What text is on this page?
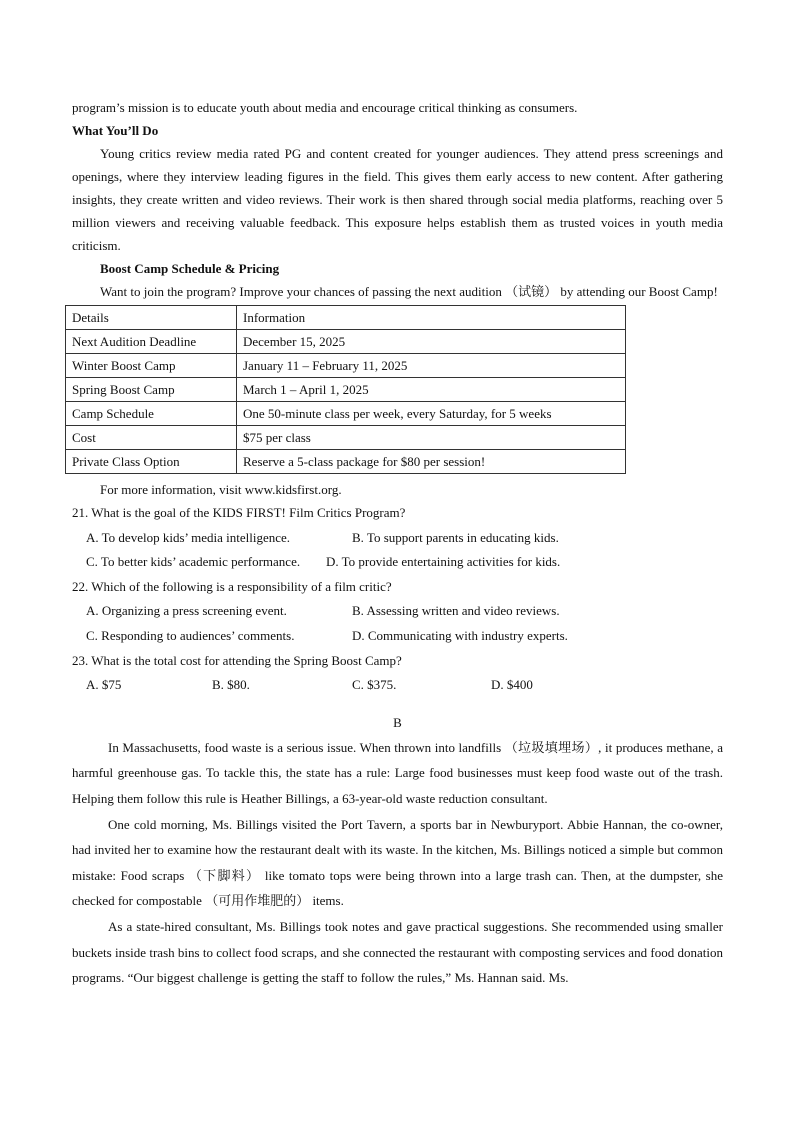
program’s mission is to educate youth about media and encourage critical thinking as consumers.

What You’ll Do

Young critics review media rated PG and content created for younger audiences. They attend press screenings and openings, where they interview leading figures in the field. This gives them early access to new content. After gathering insights, they create written and video reviews. Their work is then shared through social media platforms, reaching over 5 million viewers and receiving valuable feedback. This exposure helps establish them as trusted voices in youth media criticism.

Boost Camp Schedule & Pricing

Want to join the program? Improve your chances of passing the next audition （试镜） by attending our Boost Camp!

Details	Information
Next Audition Deadline	December 15, 2025
Winter Boost Camp	January 11 – February 11, 2025
Spring Boost Camp	March 1 – April 1, 2025
Camp Schedule	One 50-minute class per week, every Saturday, for 5 weeks
Cost	$75 per class
Private Class Option	Reserve a 5-class package for $80 per session!

For more information, visit www.kidsfirst.org.

21. What is the goal of the KIDS FIRST! Film Critics Program?
A. To develop kids’ media intelligence.	B. To support parents in educating kids.
C. To better kids’ academic performance.	D. To provide entertaining activities for kids.
22. Which of the following is a responsibility of a film critic?
A. Organizing a press screening event.	B. Assessing written and video reviews.
C. Responding to audiences’ comments.	D. Communicating with industry experts.
23. What is the total cost for attending the Spring Boost Camp?
A. $75	B. $80.	C. $375.	D. $400
B

In Massachusetts, food waste is a serious issue. When thrown into landfills （垃圾填埋场）, it produces methane, a harmful greenhouse gas. To tackle this, the state has a rule: Large food businesses must keep food waste out of the trash. Helping them follow this rule is Heather Billings, a 63-year-old waste reduction consultant.

One cold morning, Ms. Billings visited the Port Tavern, a sports bar in Newburyport. Abbie Hannan, the co-owner, had invited her to examine how the restaurant dealt with its waste. In the kitchen, Ms. Billings noticed a simple but common mistake: Food scraps （下脚料） like tomato tops were being thrown into a large trash can. Then, at the dumpster, she checked for compostable （可用作堆肥的） items.

As a state-hired consultant, Ms. Billings took notes and gave practical suggestions. She recommended using smaller buckets inside trash bins to collect food scraps, and she connected the restaurant with composting services and food donation programs. “Our biggest challenge is getting the staff to follow the rules,” Ms. Hannan said. Ms.
